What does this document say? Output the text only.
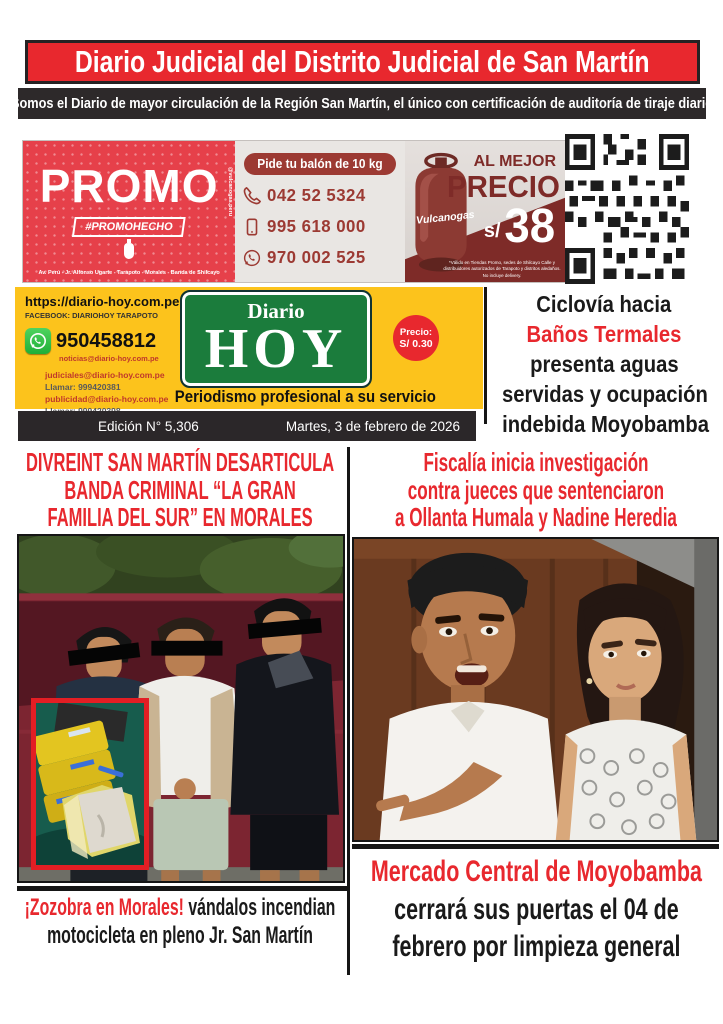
Diario Judicial del Distrito Judicial de San Martín
Somos el Diario de mayor circulación de la Región San Martín, el único con certificación de auditoría de tiraje diario
PROMO
#PROMOHECHO
Av. Perú - Jr. Alfonso Ugarte - Tarapoto - Morales - Banda de Shilcayo
@vulcanogas.peru
Pide tu balón de 10 kg
042 52 5324
995 618 000
970 002 525
Vulcanogas
AL MEJOR
PRECIO
s/ 38
*Válido en Tiendas Promo, sedes de Shilcayo Calle y distribuidores autorizados de Tarapoto y distritos aledaños. No incluye delivery.
https://diario-hoy.com.pe
FACEBOOK: DIARIOHOY TARAPOTO
950458812
noticias@diario-hoy.com.pe
judiciales@diario-hoy.com.pe
Llamar: 999420381
publicidad@diario-hoy.com.pe
Diario
HOY
Periodismo profesional a su servicio
Precio:
S/ 0.30
Ciclovía hacia
Baños Termales
presenta aguas
servidas y ocupación
indebida Moyobamba
Edición N° 5,306	Martes, 3 de febrero de 2026
DIVREINT SAN MARTÍN DESARTICULA
BANDA CRIMINAL “LA GRAN
FAMILIA DEL SUR” EN MORALES
¡Zozobra en Morales! vándalos incendian
motocicleta en pleno Jr. San Martín
Fiscalía inicia investigación
contra jueces que sentenciaron
a Ollanta Humala y Nadine Heredia
Mercado Central de Moyobamba
cerrará sus puertas el 04 de
febrero por limpieza general
